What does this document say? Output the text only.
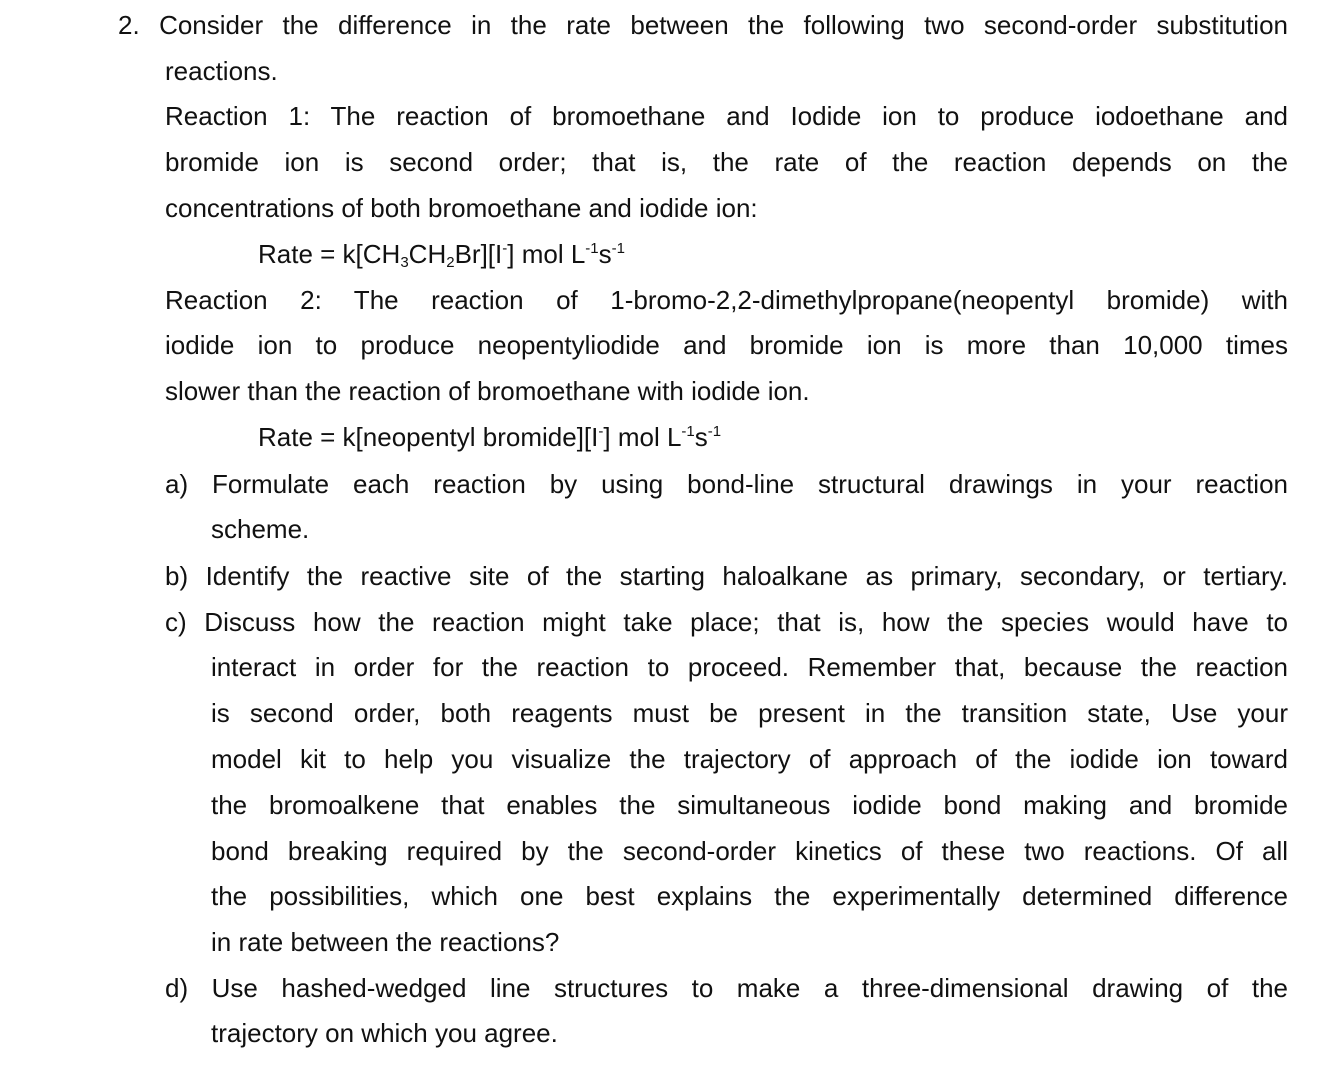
2. Consider the difference in the rate between the following two second-order substitution
reactions.
Reaction 1: The reaction of bromoethane and Iodide ion to produce iodoethane and
bromide ion is second order; that is, the rate of the reaction depends on the
concentrations of both bromoethane and iodide ion:
Rate = $k[CH_3CH_2Br][I^-]$ mol $L^{-1}s^{-1}$
Reaction 2: The reaction of 1-bromo-2,2-dimethylpropane(neopentyl bromide) with
iodide ion to produce neopentyliodide and bromide ion is more than 10,000 times
slower than the reaction of bromoethane with iodide ion.
Rate = k[neopentyl bromide][I-] mol $L^{-1}s^{-1}$
a) Formulate each reaction by using bond-line structural drawings in your reaction
scheme.
b) Identify the reactive site of the starting haloalkane as primary, secondary, or tertiary.
c) Discuss how the reaction might take place; that is, how the species would have to
interact in order for the reaction to proceed. Remember that, because the reaction
is second order, both reagents must be present in the transition state, Use your
model kit to help you visualize the trajectory of approach of the iodide ion toward
the bromoalkene that enables the simultaneous iodide bond making and bromide
bond breaking required by the second-order kinetics of these two reactions. Of all
the possibilities, which one best explains the experimentally determined difference
in rate between the reactions?
d) Use hashed-wedged line structures to make a three-dimensional drawing of the
trajectory on which you agree.
